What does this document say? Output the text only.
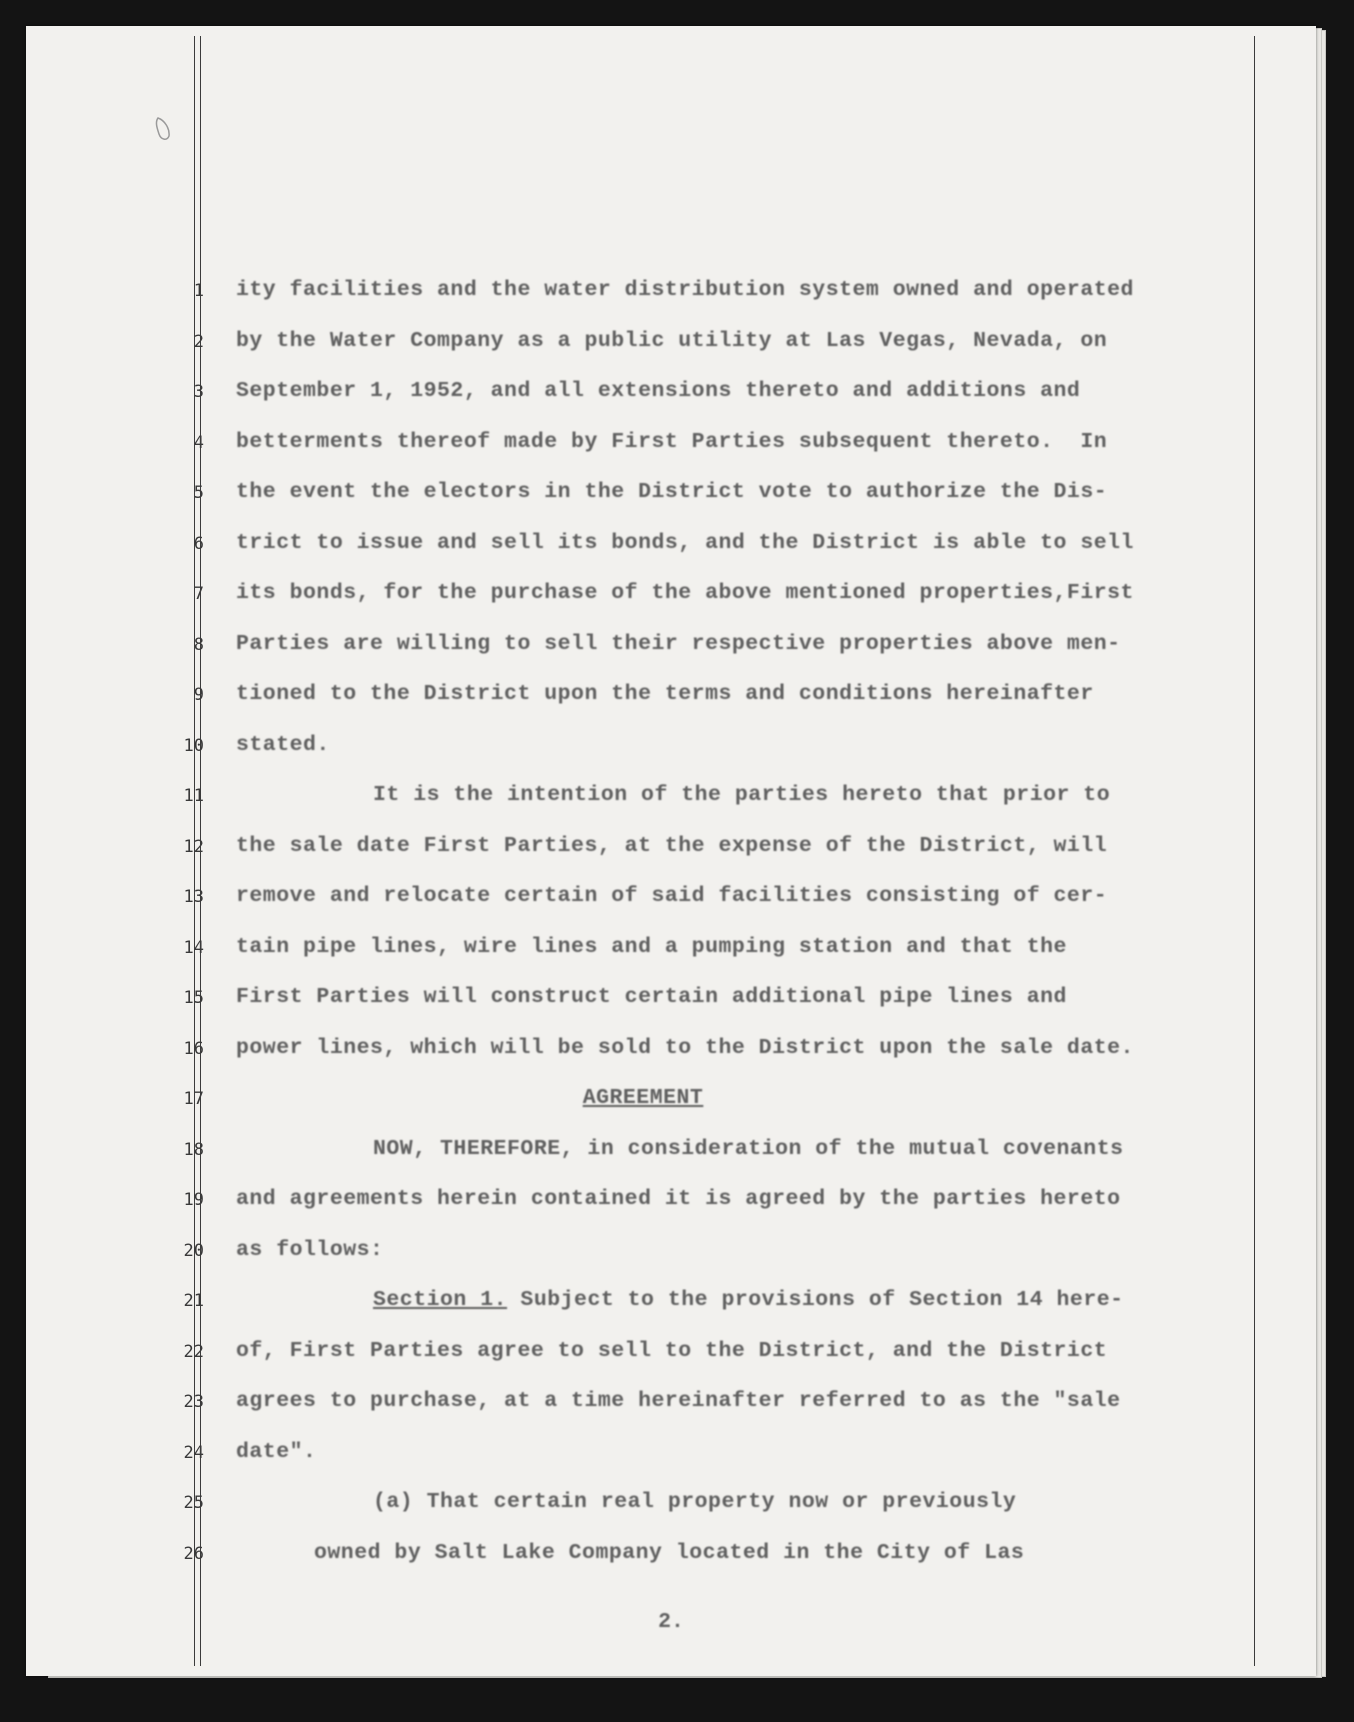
1
2
3
4
5
6
7
8
9
10
11
12
13
14
15
16
17
18
19
20
21
22
23
24
25
26
ity facilities and the water distribution system owned and operated
by the Water Company as a public utility at Las Vegas, Nevada, on
September 1, 1952, and all extensions thereto and additions and
betterments thereof made by First Parties subsequent thereto.  In
the event the electors in the District vote to authorize the Dis-
trict to issue and sell its bonds, and the District is able to sell
its bonds, for the purchase of the above mentioned properties,First
Parties are willing to sell their respective properties above men-
tioned to the District upon the terms and conditions hereinafter
stated.
It is the intention of the parties hereto that prior to
the sale date First Parties, at the expense of the District, will
remove and relocate certain of said facilities consisting of cer-
tain pipe lines, wire lines and a pumping station and that the
First Parties will construct certain additional pipe lines and
power lines, which will be sold to the District upon the sale date.
AGREEMENT
NOW, THEREFORE, in consideration of the mutual covenants
and agreements herein contained it is agreed by the parties hereto
as follows:
Section 1. Subject to the provisions of Section 14 here-
of, First Parties agree to sell to the District, and the District
agrees to purchase, at a time hereinafter referred to as the "sale
date".
(a) That certain real property now or previously
owned by Salt Lake Company located in the City of Las
2.
